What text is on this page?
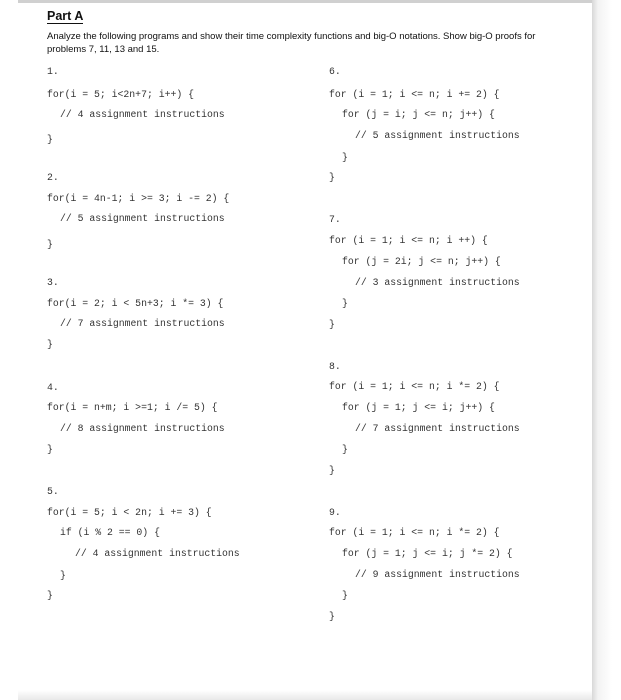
Part A
Analyze the following programs and show their time complexity functions and big-O notations. Show big-O proofs for problems 7, 11, 13 and 15.
1.
for(i = 5; i<2n+7; i++) {
// 4 assignment instructions
}
2.
for(i = 4n-1; i >= 3; i -= 2) {
// 5 assignment instructions
}
3.
for(i = 2; i < 5n+3; i *= 3) {
// 7 assignment instructions
}
4.
for(i = n+m; i >=1; i /= 5) {
// 8 assignment instructions
}
5.
for(i = 5; i < 2n; i += 3) {
if (i % 2 == 0) {
// 4 assignment instructions
}
}
6.
for (i = 1; i <= n; i += 2) {
for (j = i; j <= n; j++) {
// 5 assignment instructions
}
}
7.
for (i = 1; i <= n; i ++) {
for (j = 2i; j <= n; j++) {
// 3 assignment instructions
}
}
8.
for (i = 1; i <= n; i *= 2) {
for (j = 1; j <= i; j++) {
// 7 assignment instructions
}
}
9.
for (i = 1; i <= n; i *= 2) {
for (j = 1; j <= i; j *= 2) {
// 9 assignment instructions
}
}
